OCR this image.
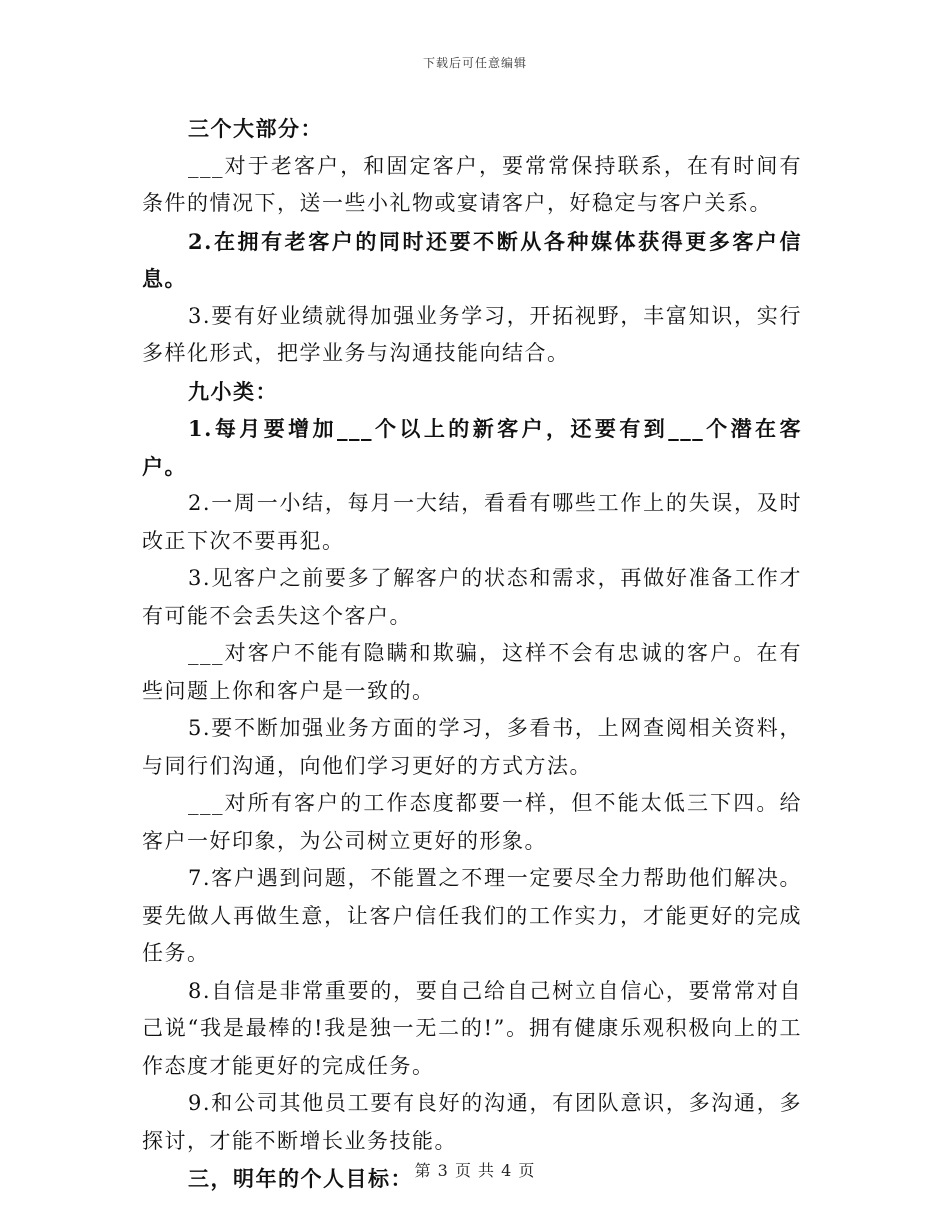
下载后可任意编辑

三个大部分：

___对于老客户，和固定客户，要常常保持联系，在有时间有条件的情况下，送一些小礼物或宴请客户，好稳定与客户关系。

2.在拥有老客户的同时还要不断从各种媒体获得更多客户信息。

3.要有好业绩就得加强业务学习，开拓视野，丰富知识，实行多样化形式，把学业务与沟通技能向结合。

九小类：

1.每月要增加___个以上的新客户，还要有到___个潜在客户。

2.一周一小结，每月一大结，看看有哪些工作上的失误，及时改正下次不要再犯。

3.见客户之前要多了解客户的状态和需求，再做好准备工作才有可能不会丢失这个客户。

___对客户不能有隐瞒和欺骗，这样不会有忠诚的客户。在有些问题上你和客户是一致的。

5.要不断加强业务方面的学习，多看书，上网查阅相关资料，与同行们沟通，向他们学习更好的方式方法。

___对所有客户的工作态度都要一样，但不能太低三下四。给客户一好印象，为公司树立更好的形象。

7.客户遇到问题，不能置之不理一定要尽全力帮助他们解决。要先做人再做生意，让客户信任我们的工作实力，才能更好的完成任务。

8.自信是非常重要的，要自己给自己树立自信心，要常常对自己说“我是最棒的!我是独一无二的!”。拥有健康乐观积极向上的工作态度才能更好的完成任务。

9.和公司其他员工要有良好的沟通，有团队意识，多沟通，多探讨，才能不断增长业务技能。

三，明年的个人目标： 第 3 页 共 4 页
